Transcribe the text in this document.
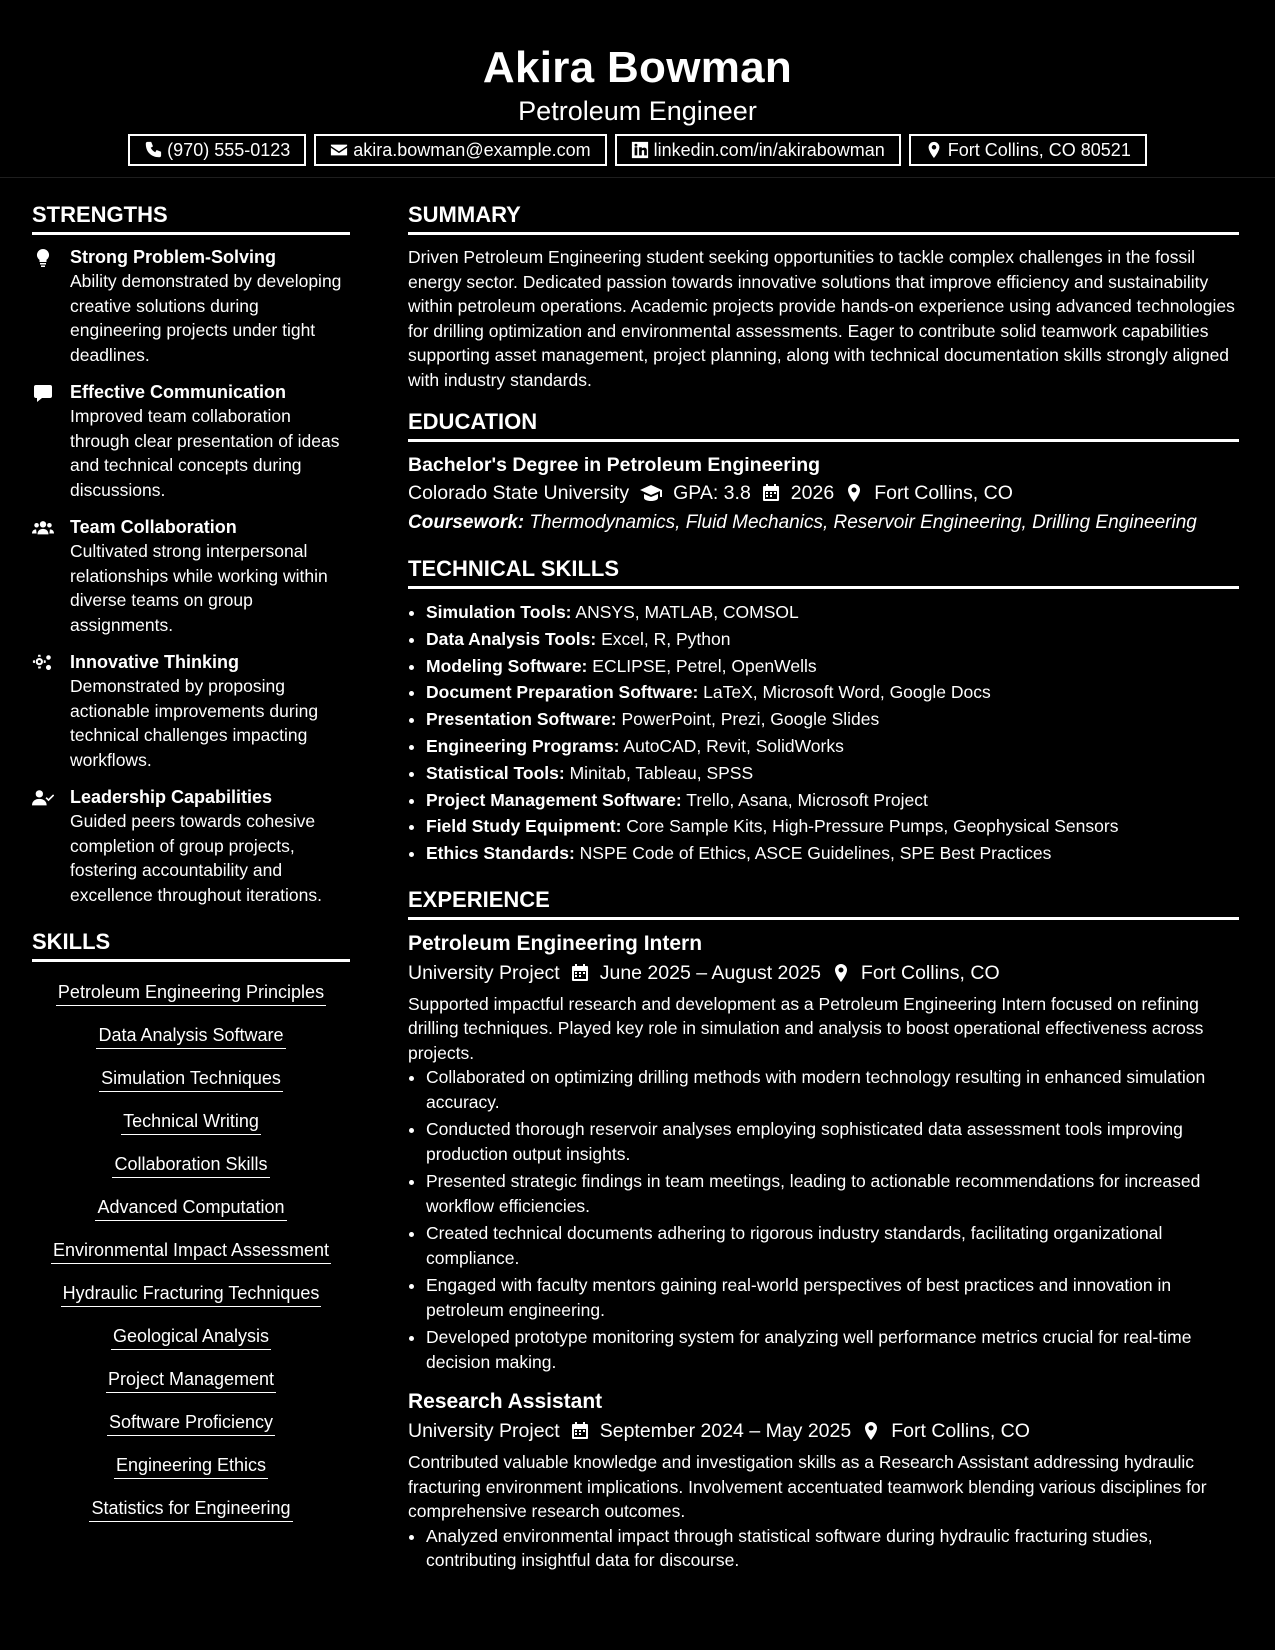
Akira Bowman
Petroleum Engineer
(970) 555-0123	akira.bowman@example.com	linkedin.com/in/akirabowman	Fort Collins, CO 80521
STRENGTHS
Strong Problem-Solving
Ability demonstrated by developing creative solutions during engineering projects under tight deadlines.
Effective Communication
Improved team collaboration through clear presentation of ideas and technical concepts during discussions.
Team Collaboration
Cultivated strong interpersonal relationships while working within diverse teams on group assignments.
Innovative Thinking
Demonstrated by proposing actionable improvements during technical challenges impacting workflows.
Leadership Capabilities
Guided peers towards cohesive completion of group projects, fostering accountability and excellence throughout iterations.
SKILLS
Petroleum Engineering Principles
Data Analysis Software
Simulation Techniques
Technical Writing
Collaboration Skills
Advanced Computation
Environmental Impact Assessment
Hydraulic Fracturing Techniques
Geological Analysis
Project Management
Software Proficiency
Engineering Ethics
Statistics for Engineering
SUMMARY
Driven Petroleum Engineering student seeking opportunities to tackle complex challenges in the fossil energy sector. Dedicated passion towards innovative solutions that improve efficiency and sustainability within petroleum operations. Academic projects provide hands-on experience using advanced technologies for drilling optimization and environmental assessments. Eager to contribute solid teamwork capabilities supporting asset management, project planning, along with technical documentation skills strongly aligned with industry standards.
EDUCATION
Bachelor's Degree in Petroleum Engineering
Colorado State University GPA: 3.8 2026 Fort Collins, CO
Coursework: Thermodynamics, Fluid Mechanics, Reservoir Engineering, Drilling Engineering
TECHNICAL SKILLS
• Simulation Tools: ANSYS, MATLAB, COMSOL
• Data Analysis Tools: Excel, R, Python
• Modeling Software: ECLIPSE, Petrel, OpenWells
• Document Preparation Software: LaTeX, Microsoft Word, Google Docs
• Presentation Software: PowerPoint, Prezi, Google Slides
• Engineering Programs: AutoCAD, Revit, SolidWorks
• Statistical Tools: Minitab, Tableau, SPSS
• Project Management Software: Trello, Asana, Microsoft Project
• Field Study Equipment: Core Sample Kits, High-Pressure Pumps, Geophysical Sensors
• Ethics Standards: NSPE Code of Ethics, ASCE Guidelines, SPE Best Practices
EXPERIENCE
Petroleum Engineering Intern
University Project June 2025 – August 2025 Fort Collins, CO
Supported impactful research and development as a Petroleum Engineering Intern focused on refining drilling techniques. Played key role in simulation and analysis to boost operational effectiveness across projects.
• Collaborated on optimizing drilling methods with modern technology resulting in enhanced simulation accuracy.
• Conducted thorough reservoir analyses employing sophisticated data assessment tools improving production output insights.
• Presented strategic findings in team meetings, leading to actionable recommendations for increased workflow efficiencies.
• Created technical documents adhering to rigorous industry standards, facilitating organizational compliance.
• Engaged with faculty mentors gaining real-world perspectives of best practices and innovation in petroleum engineering.
• Developed prototype monitoring system for analyzing well performance metrics crucial for real-time decision making.
Research Assistant
University Project September 2024 – May 2025 Fort Collins, CO
Contributed valuable knowledge and investigation skills as a Research Assistant addressing hydraulic fracturing environment implications. Involvement accentuated teamwork blending various disciplines for comprehensive research outcomes.
• Analyzed environmental impact through statistical software during hydraulic fracturing studies, contributing insightful data for discourse.
